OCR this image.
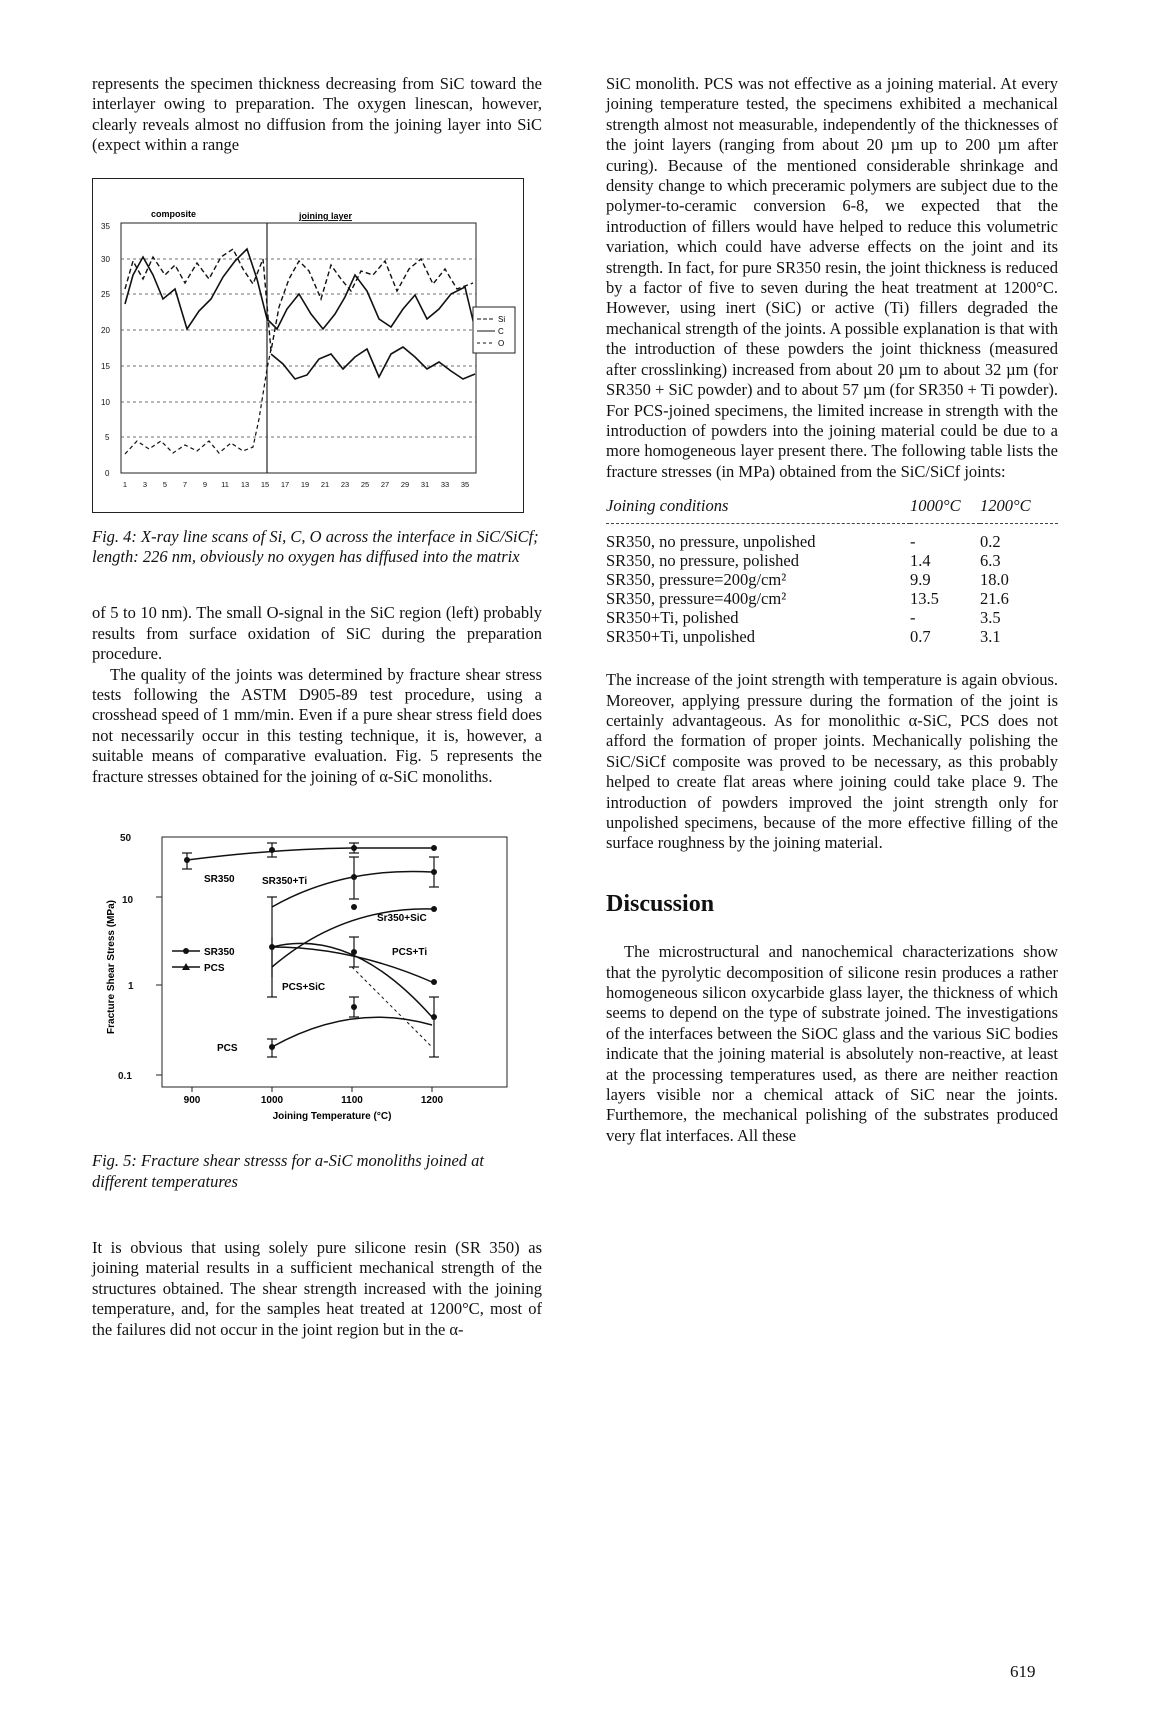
represents the specimen thickness decreasing from SiC toward the interlayer owing to preparation. The oxygen linescan, however, clearly reveals almost no diffusion from the joining layer into SiC (expect within a range

35
30
25
20
15
10
5
0
1 3 5 7 9 11 13 15 17 19 21 23 25 27 29 31 33 35
composite	joining layer
Si
C
O

Fig. 4: X-ray line scans of Si, C, O across the interface in SiC/SiCf; length: 226 nm, obviously no oxygen has diffused into the matrix

of 5 to 10 nm). The small O-signal in the SiC region (left) probably results from surface oxidation of SiC during the preparation procedure.

The quality of the joints was determined by fracture shear stress tests following the ASTM D905-89 test procedure, using a crosshead speed of 1 mm/min. Even if a pure shear stress field does not necessarily occur in this testing technique, it is, however, a suitable means of comparative evaluation. Fig. 5 represents the fracture stresses obtained for the joining of α-SiC monoliths.

50
10
1
0.1
900	1000	1100	1200
Joining Temperature (°C)
Fracture Shear Stress (MPa)
SR350	SR350+Ti
Sr350+SiC
PCS+Ti
PCS+SiC
PCS
SR350
PCS

Fig. 5: Fracture shear stresss for a-SiC monoliths joined at different temperatures

It is obvious that using solely pure silicone resin (SR 350) as joining material results in a sufficient mechanical strength of the structures obtained. The shear strength increased with the joining temperature, and, for the samples heat treated at 1200°C, most of the failures did not occur in the joint region but in the α-

SiC monolith. PCS was not effective as a joining material. At every joining temperature tested, the specimens exhibited a mechanical strength almost not measurable, independently of the thicknesses of the joint layers (ranging from about 20 µm up to 200 µm after curing). Because of the mentioned considerable shrinkage and density change to which preceramic polymers are subject due to the polymer-to-ceramic conversion 6-8, we expected that the introduction of fillers would have helped to reduce this volumetric variation, which could have adverse effects on the joint and its strength. In fact, for pure SR350 resin, the joint thickness is reduced by a factor of five to seven during the heat treatment at 1200°C. However, using inert (SiC) or active (Ti) fillers degraded the mechanical strength of the joints. A possible explanation is that with the introduction of these powders the joint thickness (measured after crosslinking) increased from about 20 µm to about 32 µm (for SR350 + SiC powder) and to about 57 µm (for SR350 + Ti powder). For PCS-joined specimens, the limited increase in strength with the introduction of powders into the joining material could be due to a more homogeneous layer present there. The following table lists the fracture stresses (in MPa) obtained from the SiC/SiCf joints:

Joining conditions	1000°C	1200°C

SR350, no pressure, unpolished	-	0.2
SR350, no pressure, polished	1.4	6.3
SR350, pressure=200g/cm²	9.9	18.0
SR350, pressure=400g/cm²	13.5	21.6
SR350+Ti, polished	-	3.5
SR350+Ti, unpolished	0.7	3.1

The increase of the joint strength with temperature is again obvious. Moreover, applying pressure during the formation of the joint is certainly advantageous. As for monolithic α-SiC, PCS does not afford the formation of proper joints. Mechanically polishing the SiC/SiCf composite was proved to be necessary, as this probably helped to create flat areas where joining could take place 9. The introduction of powders improved the joint strength only for unpolished specimens, because of the more effective filling of the surface roughness by the joining material.

Discussion

The microstructural and nanochemical characterizations show that the pyrolytic decomposition of silicone resin produces a rather homogeneous silicon oxycarbide glass layer, the thickness of which seems to depend on the type of substrate joined. The investigations of the interfaces between the SiOC glass and the various SiC bodies indicate that the joining material is absolutely non-reactive, at least at the processing temperatures used, as there are neither reaction layers visible nor a chemical attack of SiC near the joints. Furthemore, the mechanical polishing of the substrates produced very flat interfaces. All these

619
